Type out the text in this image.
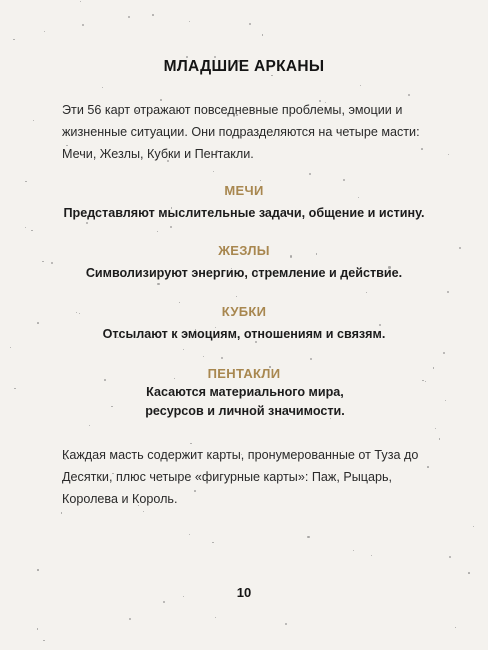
МЛАДШИЕ АРКАНЫ

Эти 56 карт отражают повседневные проблемы, эмоции и жизненные ситуации. Они подразделяются на четыре масти: Мечи, Жезлы, Кубки и Пентакли.

МЕЧИ

Представляют мыслительные задачи, общение и истину.

ЖЕЗЛЫ

Символизируют энергию, стремление и действие.

КУБКИ

Отсылают к эмоциям, отношениям и связям.

ПЕНТАКЛИ

Касаются материального мира, ресурсов и личной значимости.

Каждая масть содержит карты, пронумерованные от Туза до Десятки, плюс четыре «фигурные карты»: Паж, Рыцарь, Королева и Король.

10
